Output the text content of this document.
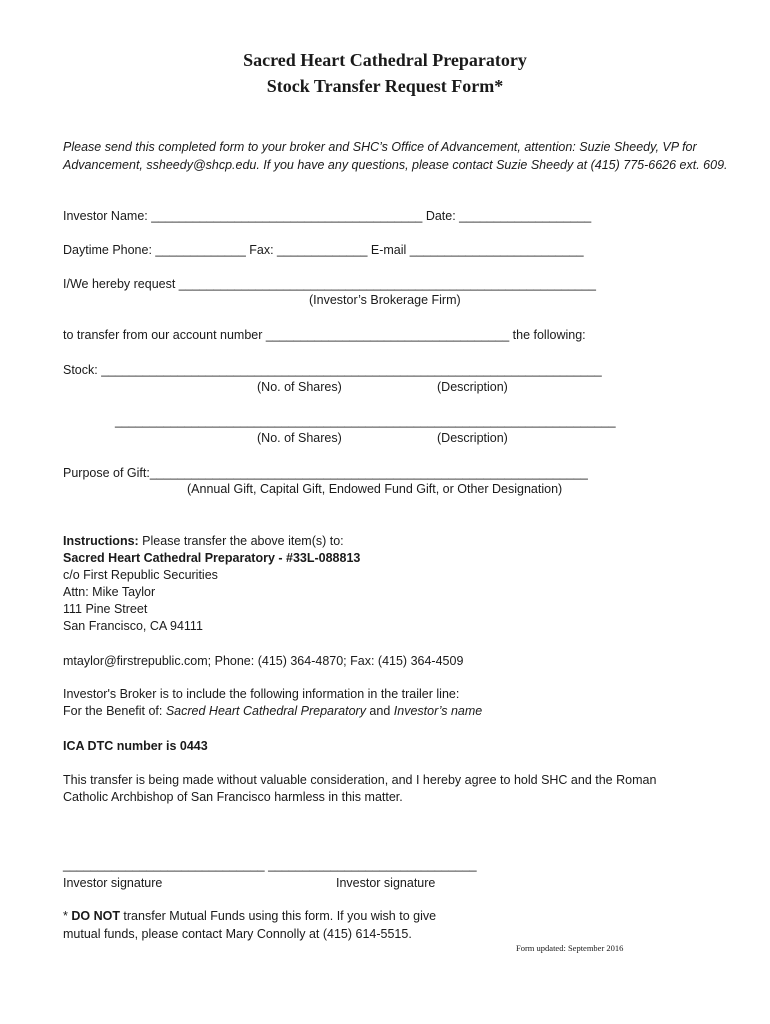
Sacred Heart Cathedral Preparatory
Stock Transfer Request Form*
Please send this completed form to your broker and SHC’s Office of Advancement, attention: Suzie Sheedy, VP for
Advancement, ssheedy@shcp.edu. If you have any questions, please contact Suzie Sheedy at (415) 775-6626 ext. 609.
Investor Name: _______________________________________ Date: ___________________
Daytime Phone: _____________ Fax: _____________ E-mail _________________________
I/We hereby request ____________________________________________________________
(Investor’s Brokerage Firm)
to transfer from our account number ___________________________________ the following:
Stock: ________________________________________________________________________
(No. of Shares)	(Description)
________________________________________________________________________
(No. of Shares)	(Description)
Purpose of Gift:_______________________________________________________________
(Annual Gift, Capital Gift, Endowed Fund Gift, or Other Designation)
Instructions: Please transfer the above item(s) to:
Sacred Heart Cathedral Preparatory - #33L-088813
c/o First Republic Securities
Attn: Mike Taylor
111 Pine Street
San Francisco, CA 94111
mtaylor@firstrepublic.com; Phone: (415) 364-4870; Fax: (415) 364-4509
Investor's Broker is to include the following information in the trailer line:
For the Benefit of: Sacred Heart Cathedral Preparatory and Investor’s name
ICA DTC number is 0443
This transfer is being made without valuable consideration, and I hereby agree to hold SHC and the Roman
Catholic Archbishop of San Francisco harmless in this matter.
_____________________________ ______________________________
Investor signature	Investor signature
* DO NOT transfer Mutual Funds using this form. If you wish to give
mutual funds, please contact Mary Connolly at (415) 614-5515.
Form updated: September 2016
